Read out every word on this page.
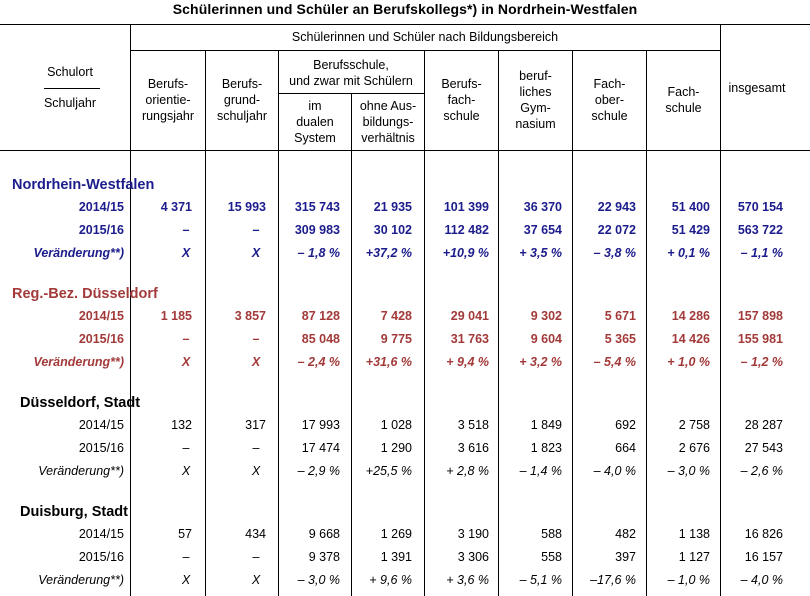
Schülerinnen und Schüler an Berufskollegs*) in Nordrhein-Westfalen
Schulort
Schuljahr
Schülerinnen und Schüler nach Bildungsbereich
Berufsschule,
und zwar mit Schülern
Berufs-
orientie-
rungsjahr
Berufs-
grund-
schuljahr
im
dualen
System
ohne Aus-
bildungs-
verhältnis
Berufs-
fach-
schule
beruf-
liches
Gym-
nasium
Fach-
ober-
schule
Fach-
schule
insgesamt
Nordrhein-Westfalen
2014/15	4 371	15 993	315 743	21 935	101 399	36 370	22 943	51 400	570 154
2015/16	–	–	309 983	30 102	112 482	37 654	22 072	51 429	563 722
Veränderung**)	X	X	– 1,8 %	+37,2 %	+10,9 %	+ 3,5 %	– 3,8 %	+ 0,1 %	– 1,1 %
Reg.-Bez. Düsseldorf
2014/15	1 185	3 857	87 128	7 428	29 041	9 302	5 671	14 286	157 898
2015/16	–	–	85 048	9 775	31 763	9 604	5 365	14 426	155 981
Veränderung**)	X	X	– 2,4 %	+31,6 %	+ 9,4 %	+ 3,2 %	– 5,4 %	+ 1,0 %	– 1,2 %
Düsseldorf, Stadt
2014/15	132	317	17 993	1 028	3 518	1 849	692	2 758	28 287
2015/16	–	–	17 474	1 290	3 616	1 823	664	2 676	27 543
Veränderung**)	X	X	– 2,9 %	+25,5 %	+ 2,8 %	– 1,4 %	– 4,0 %	– 3,0 %	– 2,6 %
Duisburg, Stadt
2014/15	57	434	9 668	1 269	3 190	588	482	1 138	16 826
2015/16	–	–	9 378	1 391	3 306	558	397	1 127	16 157
Veränderung**)	X	X	– 3,0 %	+ 9,6 %	+ 3,6 %	– 5,1 %	–17,6 %	– 1,0 %	– 4,0 %
